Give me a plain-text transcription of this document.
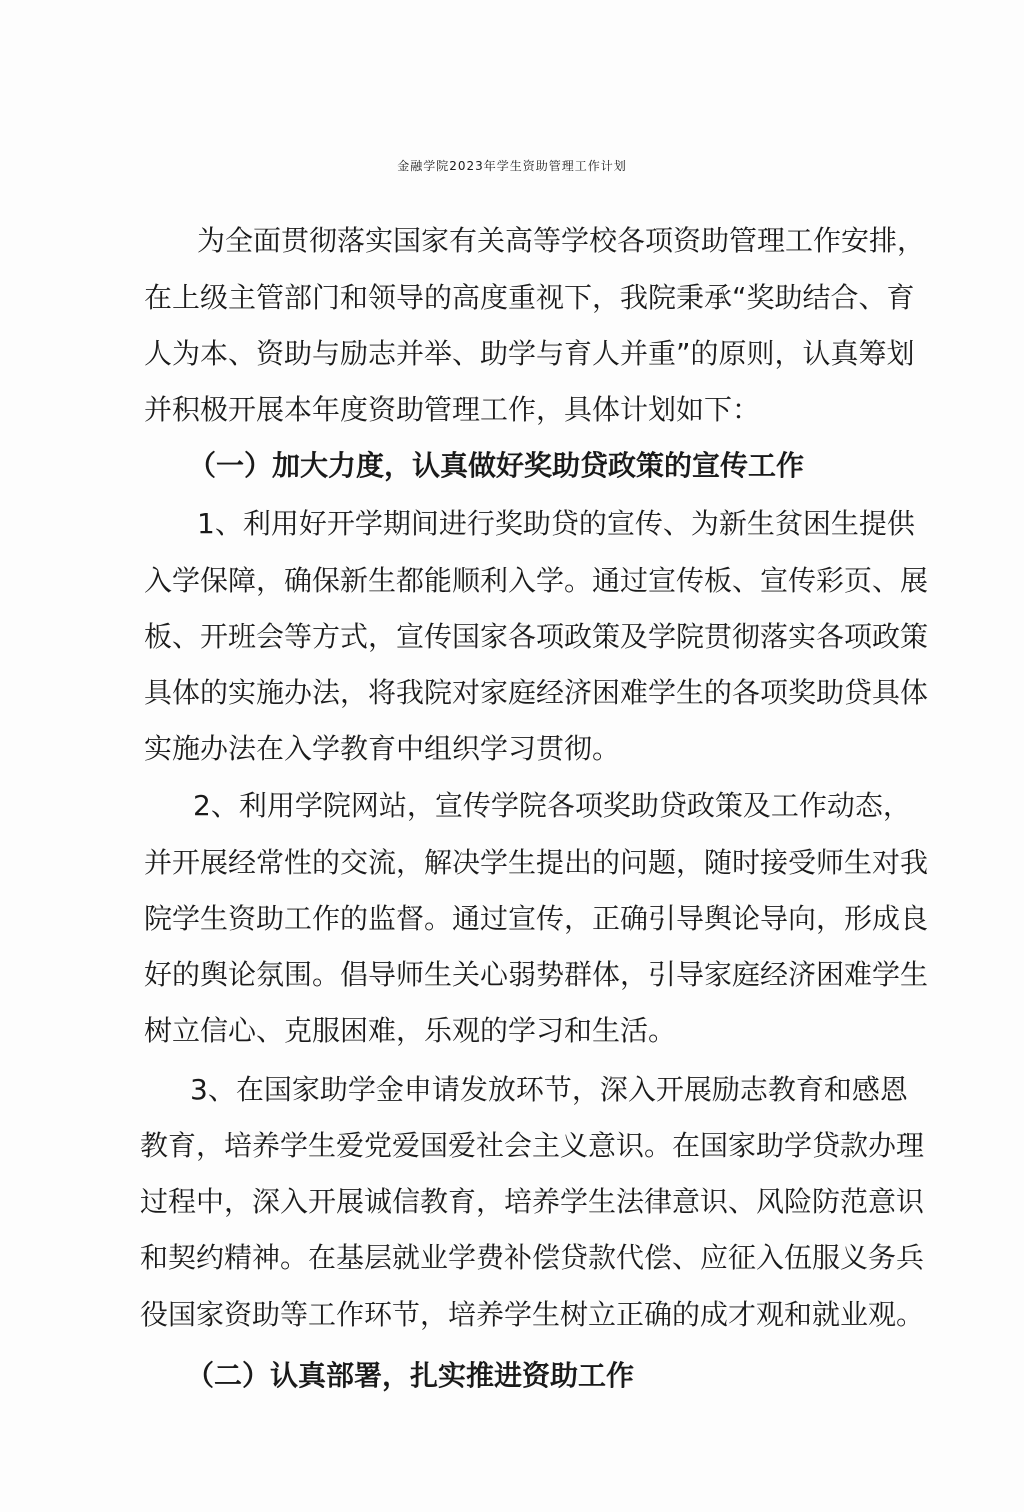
金融学院2023年学生资助管理工作计划
为全面贯彻落实国家有关高等学校各项资助管理工作安排，
在上级主管部门和领导的高度重视下，我院秉承“奖助结合、育
人为本、资助与励志并举、助学与育人并重”的原则，认真筹划
并积极开展本年度资助管理工作，具体计划如下：
（一）加大力度，认真做好奖助贷政策的宣传工作
1、利用好开学期间进行奖助贷的宣传、为新生贫困生提供
入学保障，确保新生都能顺利入学。通过宣传板、宣传彩页、展
板、开班会等方式，宣传国家各项政策及学院贯彻落实各项政策
具体的实施办法，将我院对家庭经济困难学生的各项奖助贷具体
实施办法在入学教育中组织学习贯彻。
2、利用学院网站，宣传学院各项奖助贷政策及工作动态，
并开展经常性的交流，解决学生提出的问题，随时接受师生对我
院学生资助工作的监督。通过宣传，正确引导舆论导向，形成良
好的舆论氛围。倡导师生关心弱势群体，引导家庭经济困难学生
树立信心、克服困难，乐观的学习和生活。
3、在国家助学金申请发放环节，深入开展励志教育和感恩
教育，培养学生爱党爱国爱社会主义意识。在国家助学贷款办理
过程中，深入开展诚信教育，培养学生法律意识、风险防范意识
和契约精神。在基层就业学费补偿贷款代偿、应征入伍服义务兵
役国家资助等工作环节，培养学生树立正确的成才观和就业观。
（二）认真部署，扎实推进资助工作
